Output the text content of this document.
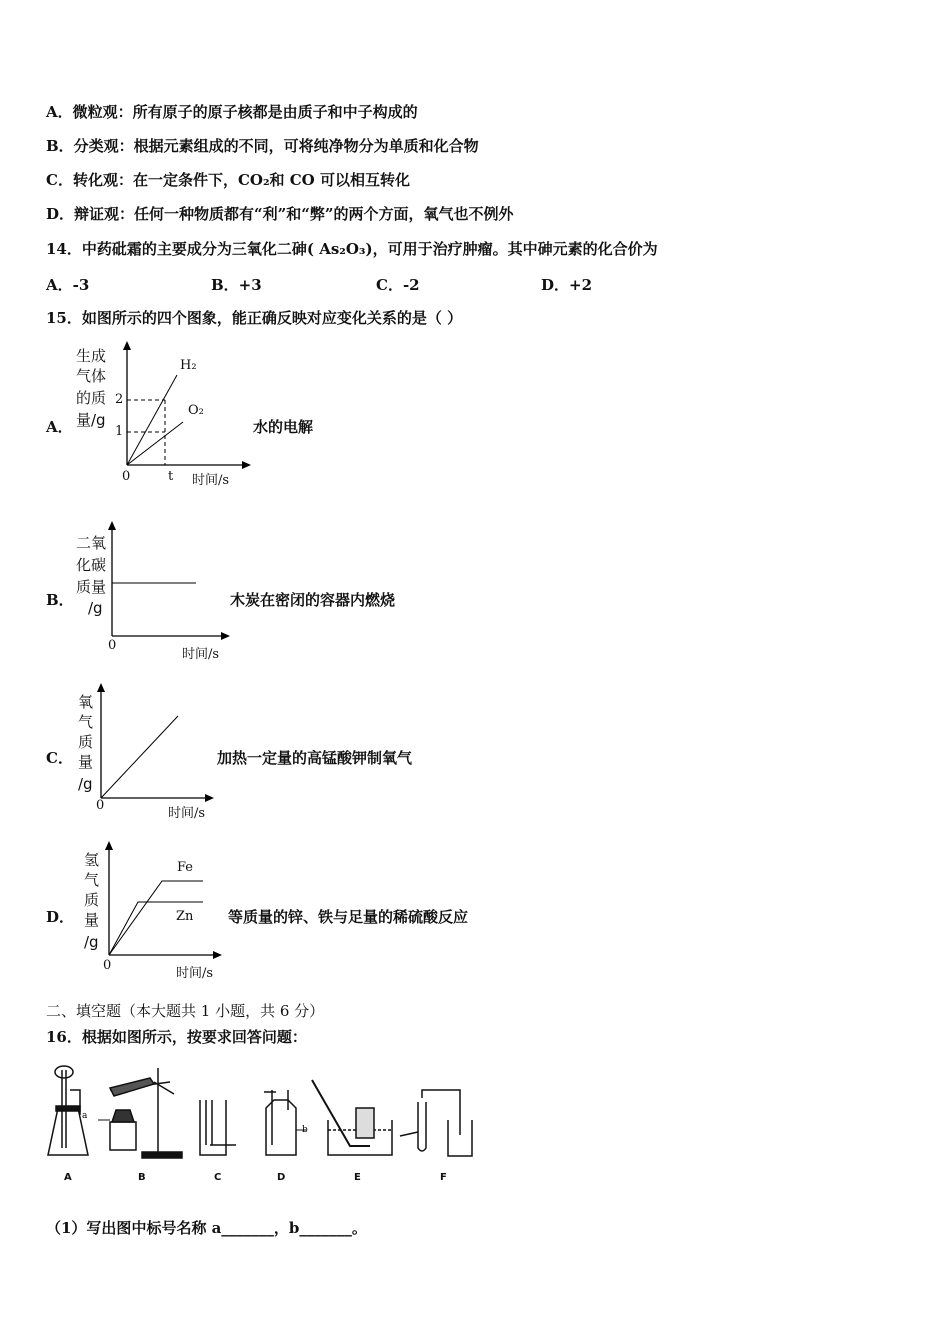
A．微粒观：所有原子的原子核都是由质子和中子构成的
B．分类观：根据元素组成的不同，可将纯净物分为单质和化合物
C．转化观：在一定条件下，CO₂和 CO 可以相互转化
D．辩证观：任何一种物质都有“利”和“弊”的两个方面，氧气也不例外
14．中药砒霜的主要成分为三氧化二砷( As₂O₃)，可用于治疗肿瘤。其中砷元素的化合价为
A．-3	B．+3	C．-2	D．+2
15．如图所示的四个图象，能正确反映对应变化关系的是（ ）
A．
生成
气体
的质
量/g
2
1
0	t 时间/s
H₂
O₂
水的电解
B．
二氧
化碳
质量
/g
0
时间/s
木炭在密闭的容器内燃烧
C．
氧
气
质
量
/g
0
时间/s
加热一定量的高锰酸钾制氧气
D．
氢
气
质
量
/g
0
时间/s
Fe
Zn 等质量的锌、铁与足量的稀硫酸反应
二、填空题（本大题共 1 小题，共 6 分）
16．根据如图所示，按要求回答问题：
a
b
A	B	C	D	E	F
（1）写出图中标号名称 a_______，b_______。
